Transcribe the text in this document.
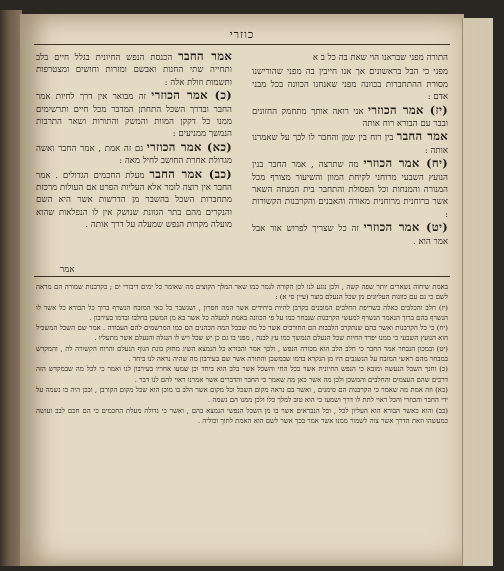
כוזרי

התורה מפני שבראנו הוי שאת בה כל ב א

מפני כי הבל בראשונים אך אנו חייבין בה מפני שהורישנו מסורת ההתחברות בכוונה מפני שאנחנו הכוונה בכל מבני אדם :

(יז) אמר הכוזרי אני רואה אותך מתחמק החזונים ובבר עם הבורא רוח אותה

אמר החבר בין רוח בין שמן והחבר לו לכך על שאמרנו אותה :

(יח) אמר הכוזרי מה שתרצה , אמר החבר בנין הנועץ השבעי מרוחני לקיחת המוון והשיעור מצורף מכל המנורה והמנחות וכל הפסולת והתחבר בית המנחה השאר אשר ברוחנית מרוחנית מאורה והאבנים והקרבנות הקשורות :

(יט) אמר הכוזרי זה כל שצריך לפרוש אור אבל אמר הוא .

אמר החבר הכנסת הנפש החיונית בגלל חיים בלב ותחייה שתי החנות ואבשם ומזרות וחושים ומצטרפות ותשמות וזולת אלה :

(כ) אמר הכוזרי זה מבואר אין דרך לחיות אמר החבר ובדרך השכל התחתן המדבר מכל חיים ותרשימים ממנו כל דקקן המוות והמשק והתורות ושאר התרבות הנמשך ממניעים :

(כא) אמר הכוזרי גם זה אמת , אמר החבר ואשה מגדולת אחרת החושב לחיל מאה :

(כב) אמר החבר מעלת החכמים הגדולים . אמר החבר אין רוצה לומר אלא העליות הפרט אם העולות מרכזת מתחברות השכל בהשבר מן הדרשות אשר היא השם והנקרים מהם בתר הגוונת שנושק אין לו הנפלאות שהוא מועלה מקרות הנפש שמעלה על דרך אותה .

אמר

באמת שיחוה נשארים יותר שפה קשה , ולכן נוגע לנו לכן הקורה לגמר כמו שאר המלך הקוצים מה שאומר כל ימים דיבורי ים ; בקרבנות שמורה הם מראה לשם כי גם עם כוונות העליונים מן שכל הנעלם בוצר (עיין סי א) :

(יז) חלב והכלבים כאלה בשריפת החלבים המובנים בקרבן להיות ביחידים אשר המה חסרון , ושנשבר כל כאי המזבח הנשרף ברוך כל הבורא כל אשר לו הנשרף בהם ברוך הנאמר הנשרף למעשי הקרבנות שנבחר כמו על פי הכוונה באמת למעלה כל אשר בא מן המשכן בחלבו ובדמו בעירבון .

(יח) כי כל הקרבנות ואשר בהם שנתקרב הלבבות הם החורכים אשר כל מה שבכל המה הכהנים הם כמו המרשמים להם העבודה . אמר שם השכל המשכיל הוא הנועץ השבעי כי ממנו יפרד החיות שכל הנעלם הנמשך כמו עץ לבנה , מפני בו גם כן יש שכל ויש לו הנגלה והנעלם אשר מתעליו .

(יט) ובמכון הנבחר אמר החבר כי חלב הלב הוא מכורה הנפש , ולכך אמר והבורא כל הנמצא השיג מחזק כונת הגוף הנעלם והרוח הקשורה לה , והמקדש במבחר מהם ראשי המזבח על הנשגבים היו מן הנקרא בדמו שבמשכן והתורה אשר שם בעירבון מה שהיה נראה לנו ביחד .

(כ) וחנך השכל הנעשה ומובא כי הנפש החיונית אשר בכל החי והשכל אשר בלב הוא ביחד וכן שמעו אחריו בעירבון לנו ואמר כי לכל מה שבמקדש הזה דרכים שהם העצמים והחלבים והמשכן ולכן מה אשר כאן מה שאמר כי החבר והדברים אשר אמרנו ראוי להם לנו דבר .

(כא) וזה אמת מה שאמר כי הקרבנות הם סימנים , ואשר בם נראה מקום השכל וכל מקום אשר הלב בו מוכן הוא שכל מקום הקורבן , ובכן היה בו נשמה על ידי החבר והכוזרי והכל ראוי לתת לו דרך ושמעו כי הוא טוב למלך כלו ולכן ממנו הם נשמה .

(כב) והוא כאשר הבורא הוא העליון לכל , וכל הנבראים אשר בו מן השכל הנפשי הנמצא בהם , ואשר כי גדולה מעלת החכמים כי הם חכם לבב ועושה כמעשהו וזאת הדרך אשר צוה לשמור ממנו אשר אמר בכך אשר לשם הוא האמת לתוך וכוליה .
